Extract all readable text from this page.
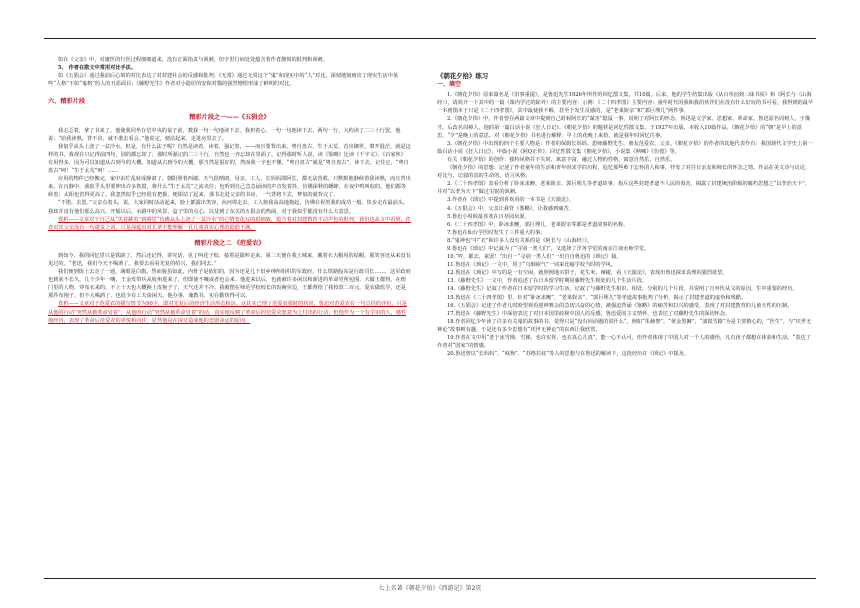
如在《父亲》中，对庸医的行医过程细细道来，没有正面指责与讽刺，但字里行间处处蕴含着作者激愤的批判和讽刺。
5、 作者在散文中常用对比手法。
如《五猖会》通过我前后心境的对比表达了对封建社会的反感和批判；《无常》通过无常这个“鬼”和现实中的“人”对比，深刻地刻画出了现实生活中某些“人格”不如“鬼格”的人的丑恶面目；《藤野先生》作者对小隐居的安和对猫的强烈憎恨形成了鲜明的对比。
六、精彩片段
精彩片段之一——《五猖会》
我忐忑着，拿了书来了。他使我同坐在堂中央的桌子前，教我一句一句地读下去。我担着心，一句一句地读下去。两句一行，大约读了二三十行罢，他说：“给我读熟。背不出，就不准去看会。”他说完，便站起来，走进房里去了。
我似乎从头上浇了一盆冷水。但是，有什么法子呢？自然是读着，读着，强记着，——而且要背出来。粤自盘古，生于太荒，首出御世，肇开混茫。就是这样的书，我现在只记得前四句，别的都忘却了；那时所强记的二三十行，自然也一齐忘却在里面了。记得那时听人说，读《鉴略》比读《千字文》、《百家姓》有用得多，因为可以知道从古到今的大概。知道从古到今的大概，那当然是很好的，然而我一字也不懂。“粤自盘古”就是“粤自盘古”，读下去，记住它，“粤自盘古”呵！“生于太荒”呵！……
应用的物件已经搬完，家中由忙乱转成静肃了。朝阳照着西墙，天气很晴朗。母亲、工人、长妈妈即阿长，都无法营救，只默默地静候着我读熟，而且背出来。在百静中，我似乎头里要伸出许多铁钳，将什么“生于太荒”之流夹住；也听到自己急急诵读的声音发着抖，仿佛深秋的蟋蟀，在夜中鸣叫似的。他们都等候着；太阳也省得更高了。我忽然似乎已经很有把握，便即站了起来，那书走进父亲的书房，一气背将下去，梦似的就背完了。
“不错。去罢。”父亲点着头，说。大家同时活动起来，脸上都露出笑容，向河埠走去。工人将我高高地抱起，仿佛在祝贺我的成功一般，快步走在最前头。我却并没有他们那么高兴。开船以后，水路中的风景，盒子里的点心，以及到了东关的五猖会的热闹，对于我似乎都没有什么大意思。
赏析——文章对于自己从“笑着跳着”到感觉“仿佛从头上浇了一盆冷水”的心情变化写的很细致，蕴含着对封建教育不动声色的批判，我们也从文中看到，作者对其父亲没有一句谴责之词，只是深蕴出对长辈不能理解一孔儿童真实心理的隐隐不满。
精彩片段之二 《范爱农》
到如今，我的回忆里只是铁路了，然后还记得，讲究话，见了叫花子似，接着是甜杯走来。第二天便在我上城来，戴着衣大帽用的钻帽，那笑容还从来没有见过的。“老迅，我们今天不喝酒了。我要去看看光复的绍兴，我们同去。”
我们便到街上去走了一通，满眼是白旗。然而貌虽如此，内骨子是依旧的，因为还是几个旧乡绅所组织的军政府，什么铁路股东是行政司长……，这军政府也到底不长久，几个少年一嚷，王金发带兵从杭州进来了，但即使不嚷或者也会来。他进来以后，也就被许多闲汉和新进的革命党所包围，大做王都督。在衙门里的人物，穿布衣来的，不上十天也大概换上皮袍子了，天气还并不冷。我被摆在师范学校校长的饭碗旁边，王都督给了我校款二百元。爱农做监学，还是那件布袍子，但不大喝酒了，也很少有工夫谈闲天。他办事，兼教书，实在勤快得可以。
赏析——文章对于范爱农的描写情节为90字，即对光复后的经济生活形态和活。这其实已理了范爱农那时的状况，鲁迅对范爱农有一句总括的评价，只是从他的行动“突然从被革命冒着”，从他的行动“突然从被革命冒着”的话，真实地反映了革命后的范爱农愿意为之付出的行动，但他作为一个有学识的人，感性地经历，表现了革命后范爱农的喜悦和向往，显然他是在探讨造成他的悲剧命运的原因。
《朝花夕拾》练习
一、填空
1.《朝花夕拾》原来篇名是《旧事重提》，是鲁迅先生1926年所作的回忆散文集，共10篇。后来，他的学生结集出版《从百草园到三味书屋》和《阿长与〈山海经〉》，请简介一下其中的一篇（课内学过的除外）的主要内容：示例：《二十四孝图》主要内容：童年时代的我和我的伙伴们在没有什么好玩的书可看，我得到的最早一本画图本子只是《二十四孝图》，其中最使我不解，甚至于发生反感的，是“老莱娱亲”和“郭巨埋儿”两件事。
2.《朝花夕拾》中，作者曾在两篇文章中提到自己时候阿长的“谋害”隐鼠一事，说明了对阿长的怀念。鲁迅是文学家、思想家、革命家。鲁迅原名周树人，字豫才。后改名周樟人，他的第一篇白话小说《狂人日记》。《朝花夕拾》的题材是回忆性散文集。于1927年出版，本收入10篇作品。《朝花夕拾》的“朝”是早上的意思，“夕”是晚上的意思。对《朝花夕拾》书名进行解释：早上的花晚上来拾，就是我年时回忆往事。
3.《朝花夕拾》中出现的四个主要人物是：作者的保姆长妈妈、恩师藤野先生、朋友范爱农、父亲。《朝花夕拾》的作者的其他代表作有：我国现代文学史上第一篇白话小说《狂人日记》，中篇小说《阿Q正传》，回忆性散文集《朝花夕拾》，小说集《呐喊》《彷徨》等。
有关《朝花夕拾》的创作：独特风格并不失时，寓意丰富，融过人物的性格，寓意自然乐，自然乐。
《朝花夕拾》的思想：记述了作者童年的生活和青年时求学的历程，追忆那些难于忘怀的人和事，抒发了对往日亲友和师长的怀念之情。作品在美文诗与议论，对比与，记叙的真的生命的，语言风格。
2.《二十四孝图》表看分析了卧冰求鲤、老莱娱亲、郭巨埋儿等孝道故事，指斥这些封建孝道不人民的毒害，揭露了封建统治阶级的腐朽思想之“以孝治天下”，并对“以孝为天下”做过尖锐的讽刺。
3.作者在《琐记》中提到喜欢看的一本书是《天演论》。
4.《五猖会》中，父亲让我背《鉴略》，让我感到痛苦。
5.鲁迅小时候最喜欢在百草园玩耍。
6.《二十四孝图》中，卧冰求鲤、郭巨埋儿、老莱娱亲等都是孝道故事的名称。
7.鲁迅在仙台学医时发生了三件重大的事。
8.“鬼神也”中“衣”和许多人没有关系的是《阿长与〈山海经〉》。
9.鲁迅在《琐记》中记叙为了“寻别一类人们”，又选择了洋务学堂的南京江南水师学堂。
10.“哼，都去，来罢！”出自一“寻别一类人们”一出自自鲁迅的《琐记》篇。
11.鲁迅在《琐记》一文中，用了“乌烟瘴气”一词来比喻学校当时的学风。
12.鲁迅在《琐记》中写的是一有空闲，就照例地买饼子，花生米，辣椒，看《天演论》，表现出鲁迅探求真理的强烈欲望。
13.《藤野先生》一文中，作者追述了在日本留学时期同藤野先生相处的几个生活片段。
14.《藤野先生》记叙了作者在日本留学时的学习生活，记叙了与藤野先生相识、相处、分别的几个片段，并说明了自弃医从文的原因，生中重要的经历。
15.鲁迅在《二十四孝图》里，针对“卧冰求鲤”、“老莱娱亲”、“郭巨埋儿”等孝道故事批判了分析，揭示了封建孝道的虚伪和残酷。
16.《五猖会》记述了作者儿时盼望观看迎神赛会的急切兴奋的心情，被强迫背诵《鉴略》的痛苦和扫兴的感受，表现了对封建教育的儿童天性的压制。
17.鲁迅在《藤野先生》中深切表达了对日本国里歧视中国人的反感，鲁迅爱国主义情怀，也表达了对藤野先生的深切怀念。
18.作者回忆少年读了许多有关鬼的故事的书，觉得只是“没有回话题的说什么”，例如“朱赫黎”、“黄金黑狮”，“油馍雪路”为是主要精心的，“医生”。与“厌世无神论”故事则有趣，于是还有多少思想有“厌世无神论”的东西让我欣赏。
19.作者在文中用“老于冰雪梯，雪梯，也许实你，也在真心儿真”，能一心不认可，但作者体现了中国人对一个人的感悟，凡有孩子都想在体验和生活。“表达了作者对“国家”的情感。
20.鲁迅曾以“长妈妈”、“疯狗”、“苏格拉底”等人的思想与在鲁迅的解读下，这段经历在《琐记》中提及。
七上名著《朝花夕拾》《西游记》第2页
